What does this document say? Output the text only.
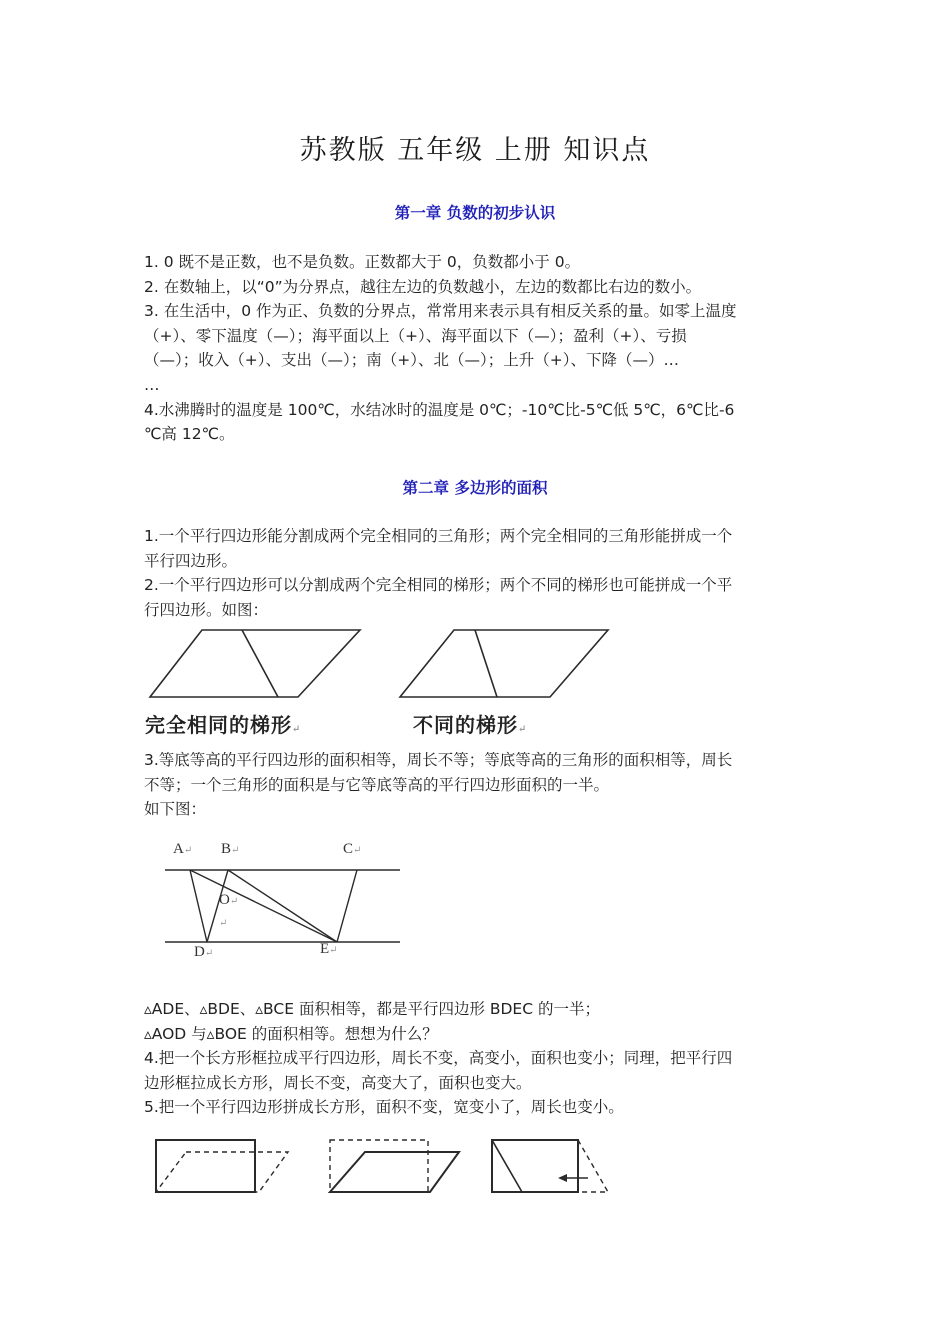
苏教版 五年级 上册 知识点
第一章 负数的初步认识
1. 0 既不是正数，也不是负数。正数都大于 0，负数都小于 0。
2. 在数轴上，以“0”为分界点，越往左边的负数越小，左边的数都比右边的数小。
3. 在生活中，0 作为正、负数的分界点，常常用来表示具有相反关系的量。如零上温度
（+）、零下温度（—）；海平面以上（+）、海平面以下（—）；盈利（+）、亏损
（—）；收入（+）、支出（—）；南（+）、北（—）；上升（+）、下降（—）…
…
4.水沸腾时的温度是 100℃，水结冰时的温度是 0℃；-10℃比-5℃低 5℃，6℃比-6
℃高 12℃。
第二章 多边形的面积
1.一个平行四边形能分割成两个完全相同的三角形；两个完全相同的三角形能拼成一个
平行四边形。
2.一个平行四边形可以分割成两个完全相同的梯形；两个不同的梯形也可能拼成一个平
行四边形。如图：
完全相同的梯形↵	不同的梯形↵
3.等底等高的平行四边形的面积相等，周长不等；等底等高的三角形的面积相等，周长
不等；一个三角形的面积是与它等底等高的平行四边形面积的一半。
如下图：
A↵ B↵	C↵
O↵
↵
D↵	E↵
▵ADE、▵BDE、▵BCE 面积相等，都是平行四边形 BDEC 的一半；
▵AOD 与▵BOE 的面积相等。想想为什么？
4.把一个长方形框拉成平行四边形，周长不变，高变小，面积也变小；同理，把平行四
边形框拉成长方形，周长不变，高变大了，面积也变大。
5.把一个平行四边形拼成长方形，面积不变，宽变小了，周长也变小。
